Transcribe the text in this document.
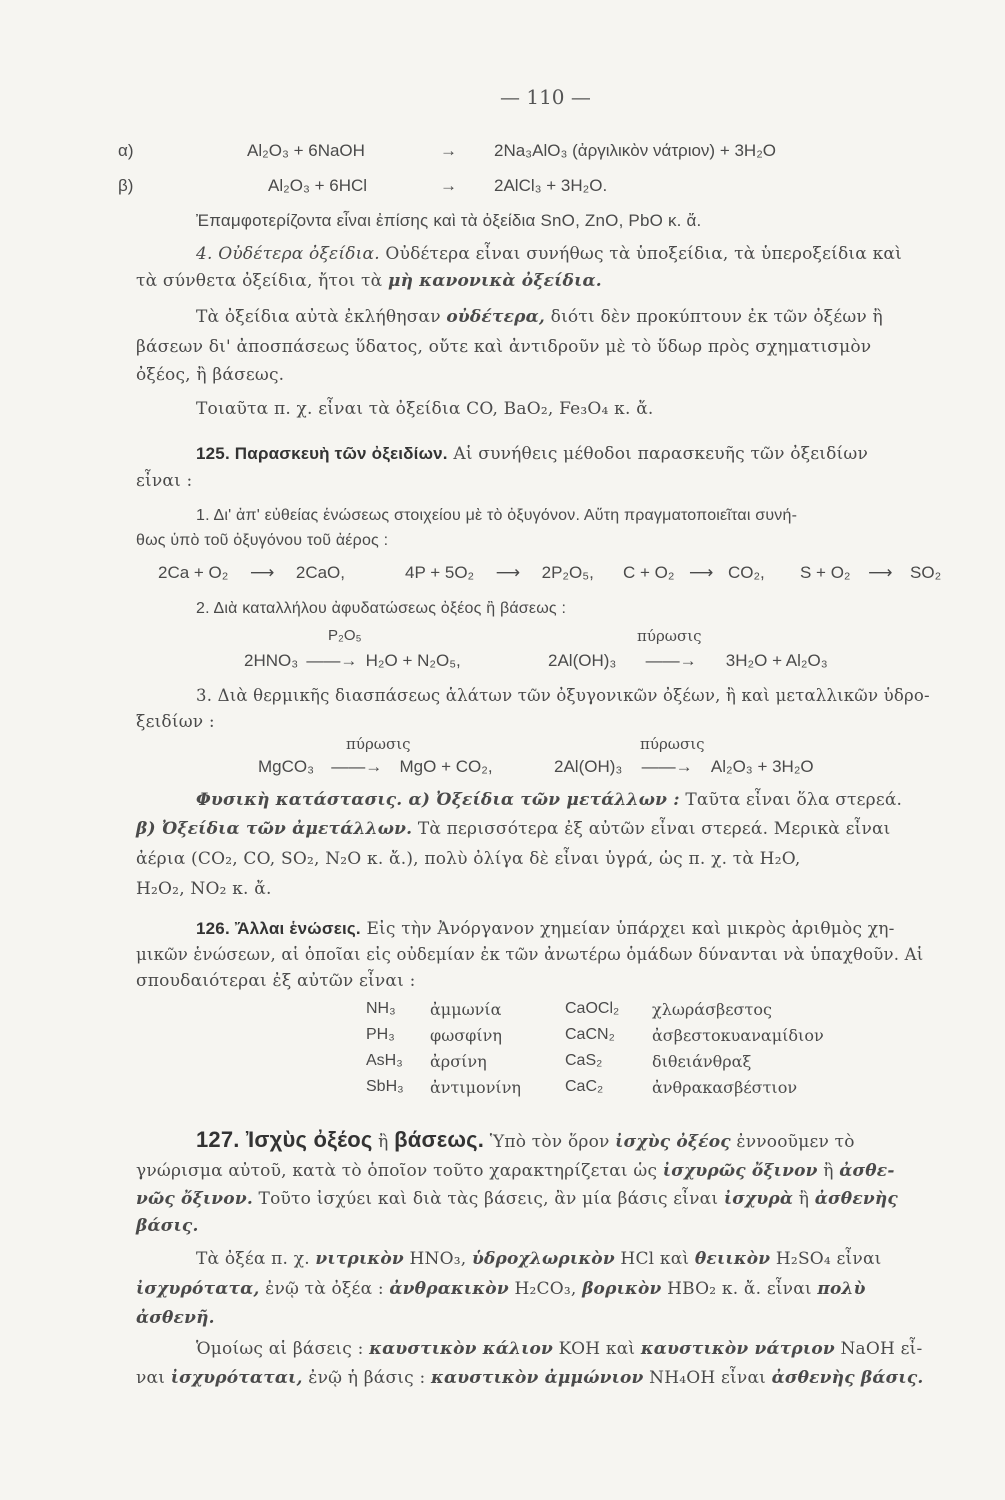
— 110 —
α)	Al₂O₃ + 6NaOH	→ 2Na₃AlO₃ (ἀργιλικὸν νάτριον) + 3H₂O
β)	Al₂O₃ + 6HCl	→ 2AlCl₃ + 3H₂O.
Ἐπαμφοτερίζοντα εἶναι ἐπίσης καὶ τὰ ὀξείδια SnO, ZnO, PbO κ. ἄ.
4. Οὐδέτερα ὀξείδια. Οὐδέτερα εἶναι συνήθως τὰ ὑποξείδια, τὰ ὑπεροξείδια καὶ
τὰ σύνθετα ὀξείδια, ἤτοι τὰ μὴ κανονικὰ ὀξείδια.
Τὰ ὀξείδια αὐτὰ ἐκλήθησαν οὐδέτερα, διότι δὲν προκύπτουν ἐκ τῶν ὀξέων ἢ
βάσεων δι' ἀποσπάσεως ὕδατος, οὔτε καὶ ἀντιδροῦν μὲ τὸ ὕδωρ πρὸς σχηματισμὸν
ὀξέος, ἢ βάσεως.
Τοιαῦτα π. χ. εἶναι τὰ ὀξείδια CO, BaO₂, Fe₃O₄ κ. ἄ.
125. Παρασκευὴ τῶν ὀξειδίων. Αἱ συνήθεις μέθοδοι παρασκευῆς τῶν ὀξειδίων
εἶναι :
1. Δι' ἀπ' εὐθείας ἑνώσεως στοιχείου μὲ τὸ ὀξυγόνον. Αὕτη πραγματοποιεῖται συνή-
θως ὑπὸ τοῦ ὀξυγόνου τοῦ ἀέρος :
2Ca + O₂ ⟶ 2CaO,	4P + 5O₂ ⟶ 2P₂O₅, C + O₂ ⟶ CO₂, S + O₂ ⟶ SO₂
2. Διὰ καταλλήλου ἀφυδατώσεως ὀξέος ἢ βάσεως :
P₂O₅	πύρωσις
2HNO₃ ——→ H₂O + N₂O₅,	2Al(OH)₃ ——→ 3H₂O + Al₂O₃
3. Διὰ θερμικῆς διασπάσεως ἁλάτων τῶν ὀξυγονικῶν ὀξέων, ἢ καὶ μεταλλικῶν ὑδρο-
ξειδίων :
πύρωσις	πύρωσις
MgCO₃ ——→ MgO + CO₂,	2Al(OH)₃ ——→ Al₂O₃ + 3H₂O
Φυσικὴ κατάστασις. α) Ὀξείδια τῶν μετάλλων : Ταῦτα εἶναι ὅλα στερεά.
β) Ὀξείδια τῶν ἀμετάλλων. Τὰ περισσότερα ἐξ αὐτῶν εἶναι στερεά. Μερικὰ εἶναι
ἀέρια (CO₂, CO, SO₂, N₂O κ. ἄ.), πολὺ ὀλίγα δὲ εἶναι ὑγρά, ὡς π. χ. τὰ H₂O,
H₂O₂, NO₂ κ. ἄ.
126. Ἄλλαι ἑνώσεις. Εἰς τὴν Ἀνόργανον χημείαν ὑπάρχει καὶ μικρὸς ἀριθμὸς χη-
μικῶν ἑνώσεων, αἱ ὁποῖαι εἰς οὐδεμίαν ἐκ τῶν ἀνωτέρω ὁμάδων δύνανται νὰ ὑπαχθοῦν. Αἱ
σπουδαιότεραι ἐξ αὐτῶν εἶναι :
NH₃ ἀμμωνία	CaOCl₂ χλωράσβεστος
PH₃ φωσφίνη	CaCN₂ ἀσβεστοκυαναμίδιον
AsH₃ ἀρσίνη	CaS₂	διθειάνθραξ
SbH₃ ἀντιμονίνη	CaC₂	ἀνθρακασβέστιον
127. Ἰσχὺς ὀξέος ἢ βάσεως. Ὑπὸ τὸν ὅρον ἰσχὺς ὀξέος ἐννοοῦμεν τὸ
γνώρισμα αὐτοῦ, κατὰ τὸ ὁποῖον τοῦτο χαρακτηρίζεται ὡς ἰσχυρῶς ὄξινον ἢ ἀσθε-
νῶς ὄξινον. Τοῦτο ἰσχύει καὶ διὰ τὰς βάσεις, ἂν μία βάσις εἶναι ἰσχυρὰ ἢ ἀσθενὴς
βάσις.
Τὰ ὀξέα π. χ. νιτρικὸν HNO₃, ὑδροχλωρικὸν HCl καὶ θειικὸν H₂SO₄ εἶναι
ἰσχυρότατα, ἐνῷ τὰ ὀξέα : ἀνθρακικὸν H₂CO₃, βορικὸν HBO₂ κ. ἄ. εἶναι πολὺ
ἀσθενῆ.
Ὁμοίως αἱ βάσεις : καυστικὸν κάλιον KOH καὶ καυστικὸν νάτριον NaOH εἶ-
ναι ἰσχυρόταται, ἐνῷ ἡ βάσις : καυστικὸν ἀμμώνιον NH₄OH εἶναι ἀσθενὴς βάσις.
